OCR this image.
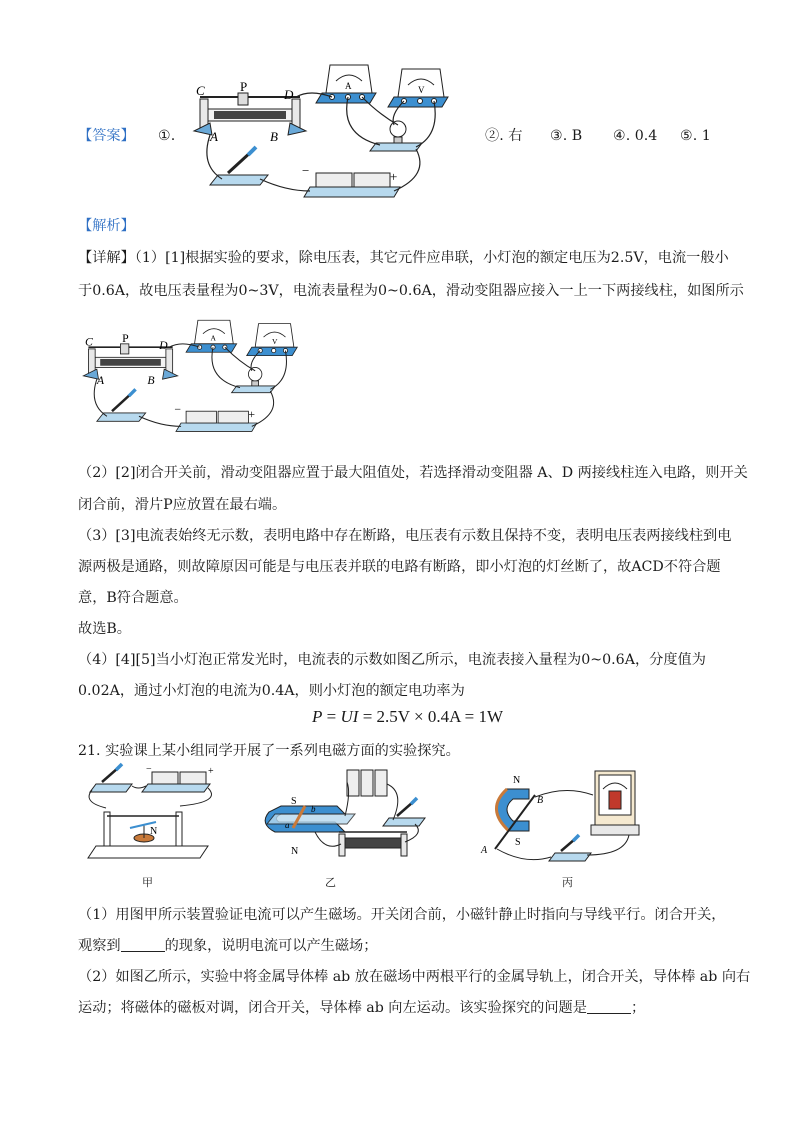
【答案】 ①.
C	P
D
A	B
A	V
−	+
②. 右 ③. B ④. 0.4 ⑤. 1
【解析】
【详解】（1）[1]根据实验的要求，除电压表，其它元件应串联，小灯泡的额定电压为2.5V，电流一般小
于0.6A，故电压表量程为0~3V，电流表量程为0~0.6A，滑动变阻器应接入一上一下两接线柱，如图所示
C P
D
A	B
A	V
−	+
（2）[2]闭合开关前，滑动变阻器应置于最大阻值处，若选择滑动变阻器 A、D 两接线柱连入电路，则开关
闭合前，滑片P应放置在最右端。
（3）[3]电流表始终无示数，表明电路中存在断路，电压表有示数且保持不变，表明电压表两接线柱到电
源两极是通路，则故障原因可能是与电压表并联的电路有断路，即小灯泡的灯丝断了，故ACD不符合题
意，B符合题意。
故选B。
（4）[4][5]当小灯泡正常发光时，电流表的示数如图乙所示，电流表接入量程为0~0.6A，分度值为
0.02A，通过小灯泡的电流为0.4A，则小灯泡的额定电功率为
P = UI = 2.5V × 0.4A = 1W
21. 实验课上某小组同学开展了一系列电磁方面的实验探究。
−	+
N
甲
S
N
a
b
乙
N
S
B
A
丙
（1）用图甲所示装置验证电流可以产生磁场。开关闭合前，小磁针静止时指向与导线平行。闭合开关，
观察到	的现象，说明电流可以产生磁场；
（2）如图乙所示，实验中将金属导体棒 ab 放在磁场中两根平行的金属导轨上，闭合开关，导体棒 ab 向右
运动；将磁体的磁板对调，闭合开关，导体棒 ab 向左运动。该实验探究的问题是	；
